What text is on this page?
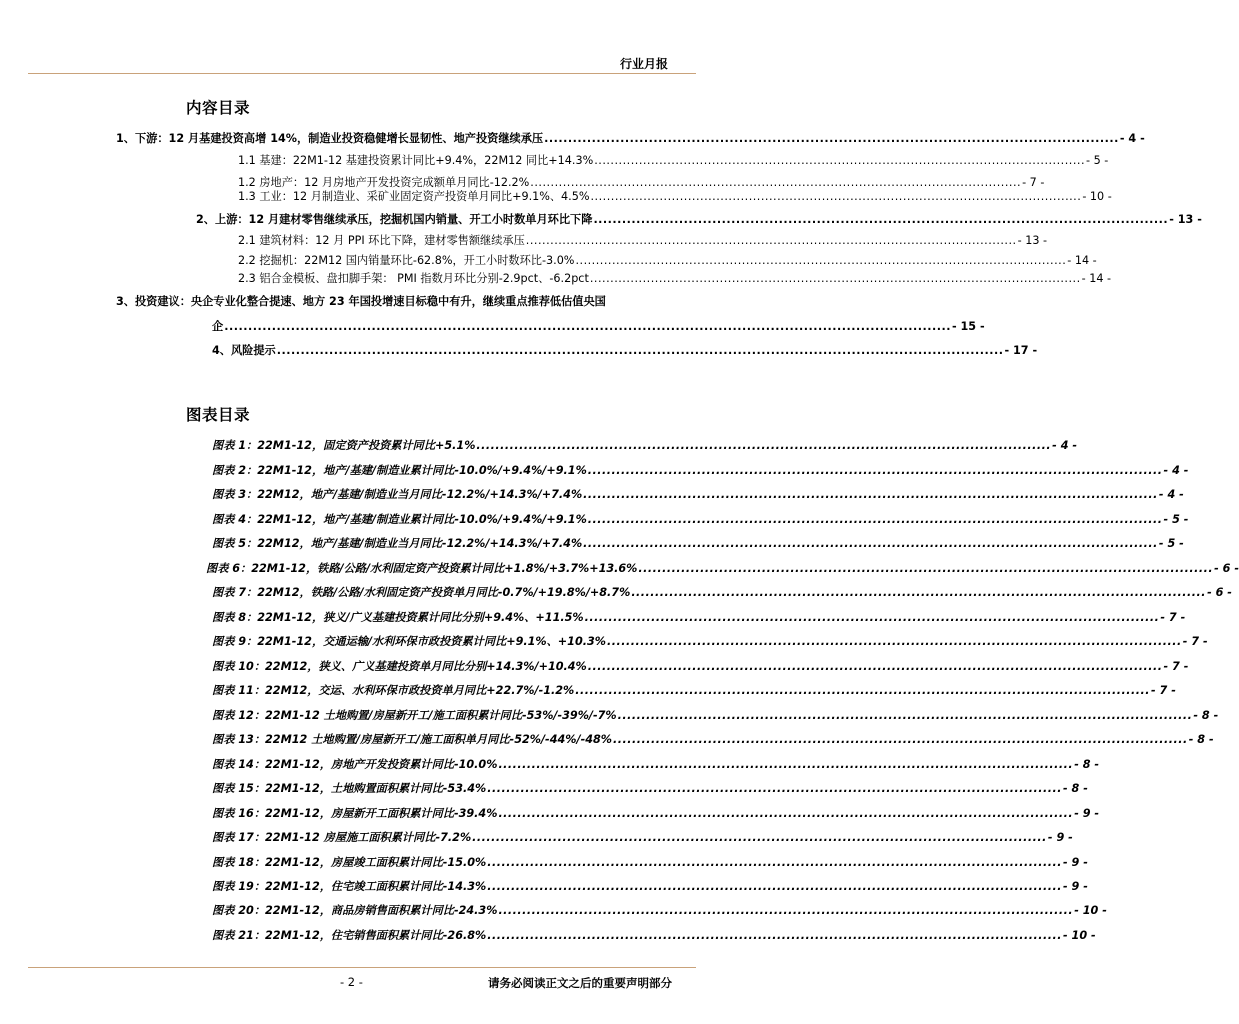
行业月报
内容目录
1、下游：12 月基建投资高增 14%，制造业投资稳健增长显韧性、地产投资继续承压 ......................................................................................................................... - 4 -
1.1 基建：22M1-12 基建投资累计同比+9.4%，22M12 同比+14.3% ......................................................................................................................... - 5 -
1.2 房地产：12 月房地产开发投资完成额单月同比-12.2% ......................................................................................................................... - 7 -
1.3 工业：12 月制造业、采矿业固定资产投资单月同比+9.1%、4.5% ......................................................................................................................... - 10 -
2、上游：12 月建材零售继续承压，挖掘机国内销量、开工小时数单月环比下降 ......................................................................................................................... - 13 -
2.1 建筑材料：12 月 PPI 环比下降，建材零售额继续承压 ......................................................................................................................... - 13 -
2.2 挖掘机：22M12 国内销量环比-62.8%，开工小时数环比-3.0% ......................................................................................................................... - 14 -
2.3 铝合金模板、盘扣脚手架： PMI 指数月环比分别-2.9pct、-6.2pct ......................................................................................................................... - 14 -
3、投资建议：央企专业化整合提速、地方 23 年国投增速目标稳中有升，继续重点推荐低估值央国
企 ......................................................................................................................................................... - 15 -
4、风险提示 ......................................................................................................................................................... - 17 -
图表目录
图表 1：22M1-12，固定资产投资累计同比+5.1% ......................................................................................................................... - 4 -
图表 2：22M1-12，地产/基建/制造业累计同比-10.0%/+9.4%/+9.1% ......................................................................................................................... - 4 -
图表 3：22M12，地产/基建/制造业当月同比-12.2%/+14.3%/+7.4% ......................................................................................................................... - 4 -
图表 4：22M1-12，地产/基建/制造业累计同比-10.0%/+9.4%/+9.1% ......................................................................................................................... - 5 -
图表 5：22M12，地产/基建/制造业当月同比-12.2%/+14.3%/+7.4% ......................................................................................................................... - 5 -
图表 6：22M1-12，铁路/公路/水利固定资产投资累计同比+1.8%/+3.7%+13.6% ......................................................................................................................... - 6 -
图表 7：22M12，铁路/公路/水利固定资产投资单月同比-0.7%/+19.8%/+8.7% ......................................................................................................................... - 6 -
图表 8：22M1-12，狭义/广义基建投资累计同比分别+9.4%、+11.5% ......................................................................................................................... - 7 -
图表 9：22M1-12，交通运输/水利环保市政投资累计同比+9.1%、+10.3% ......................................................................................................................... - 7 -
图表 10：22M12，狭义、广义基建投资单月同比分别+14.3%/+10.4% ......................................................................................................................... - 7 -
图表 11：22M12，交运、水利环保市政投资单月同比+22.7%/-1.2% ......................................................................................................................... - 7 -
图表 12：22M1-12 土地购置/房屋新开工/施工面积累计同比-53%/-39%/-7% ......................................................................................................................... - 8 -
图表 13：22M12 土地购置/房屋新开工/施工面积单月同比-52%/-44%/-48% ......................................................................................................................... - 8 -
图表 14：22M1-12，房地产开发投资累计同比-10.0% ......................................................................................................................... - 8 -
图表 15：22M1-12，土地购置面积累计同比-53.4% ......................................................................................................................... - 8 -
图表 16：22M1-12，房屋新开工面积累计同比-39.4% ......................................................................................................................... - 9 -
图表 17：22M1-12 房屋施工面积累计同比-7.2% ......................................................................................................................... - 9 -
图表 18：22M1-12，房屋竣工面积累计同比-15.0% ......................................................................................................................... - 9 -
图表 19：22M1-12，住宅竣工面积累计同比-14.3% ......................................................................................................................... - 9 -
图表 20：22M1-12，商品房销售面积累计同比-24.3% ......................................................................................................................... - 10 -
图表 21：22M1-12，住宅销售面积累计同比-26.8% ......................................................................................................................... - 10 -
- 2 -	请务必阅读正文之后的重要声明部分
